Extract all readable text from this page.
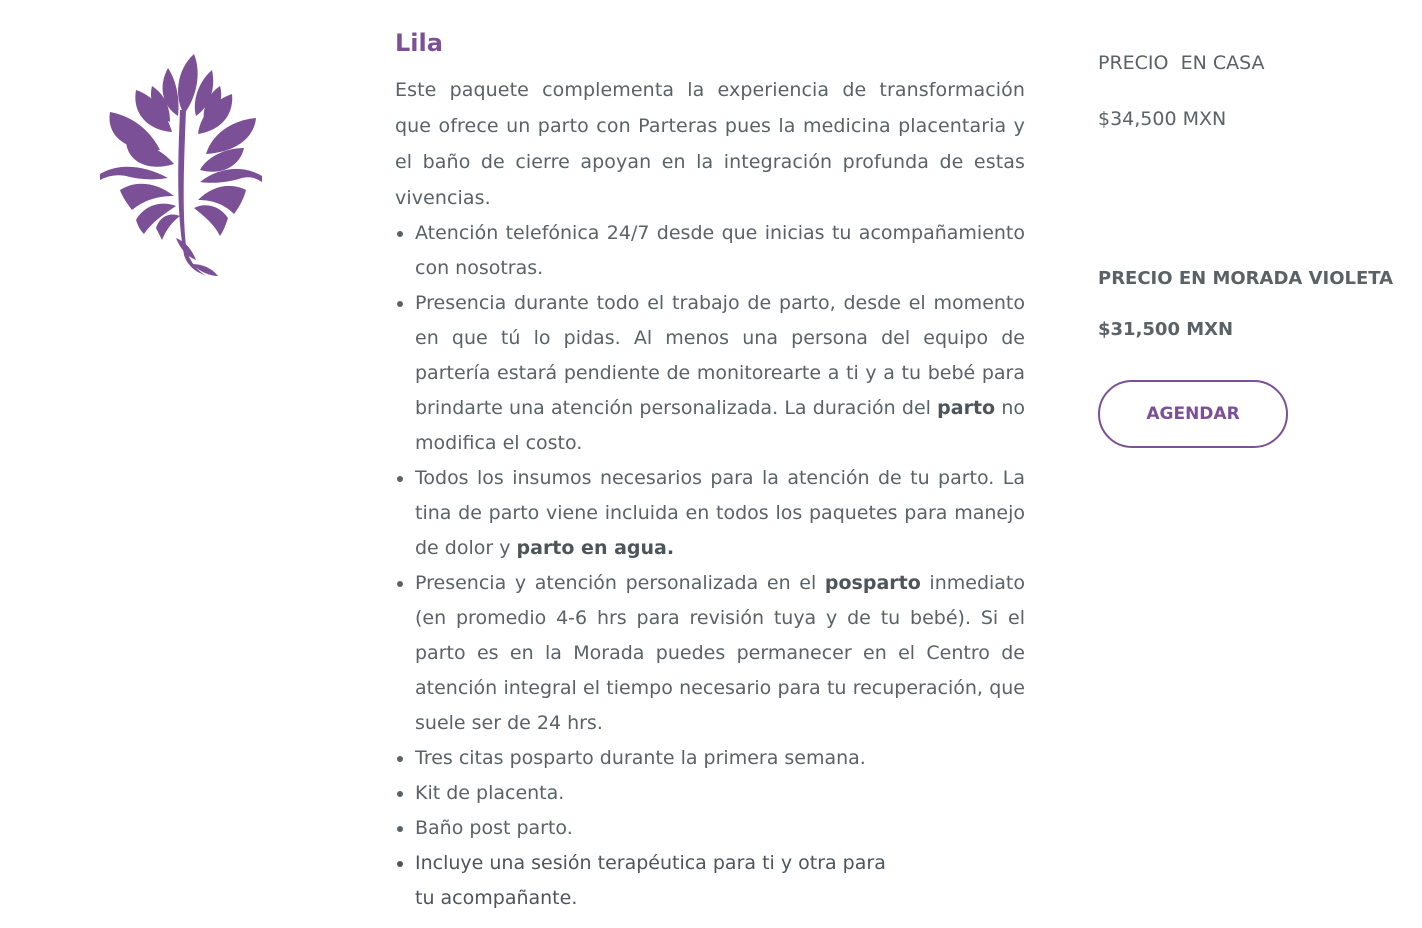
Lila

Este paquete complementa la experiencia de transformación que ofrece un parto con Parteras pues la medicina placentaria y el baño de cierre apoyan en la integración profunda de estas vivencias.

• Atención telefónica 24/7 desde que inicias tu acompañamiento con nosotras.
• Presencia durante todo el trabajo de parto, desde el momento en que tú lo pidas. Al menos una persona del equipo de partería estará pendiente de monitorearte a ti y a tu bebé para brindarte una atención personalizada. La duración del parto no modifica el costo.
• Todos los insumos necesarios para la atención de tu parto. La tina de parto viene incluida en todos los paquetes para manejo de dolor y parto en agua.
• Presencia y atención personalizada en el posparto inmediato (en promedio 4-6 hrs para revisión tuya y de tu bebé). Si el parto es en la Morada puedes permanecer en el Centro de atención integral el tiempo necesario para tu recuperación, que suele ser de 24 hrs.
• Tres citas posparto durante la primera semana.
• Kit de placenta.
• Baño post parto.
• Incluye una sesión terapéutica para ti y otra para tu acompañante.

PRECIO  EN CASA

$34,500 MXN

PRECIO EN MORADA VIOLETA

$31,500 MXN

AGENDAR
